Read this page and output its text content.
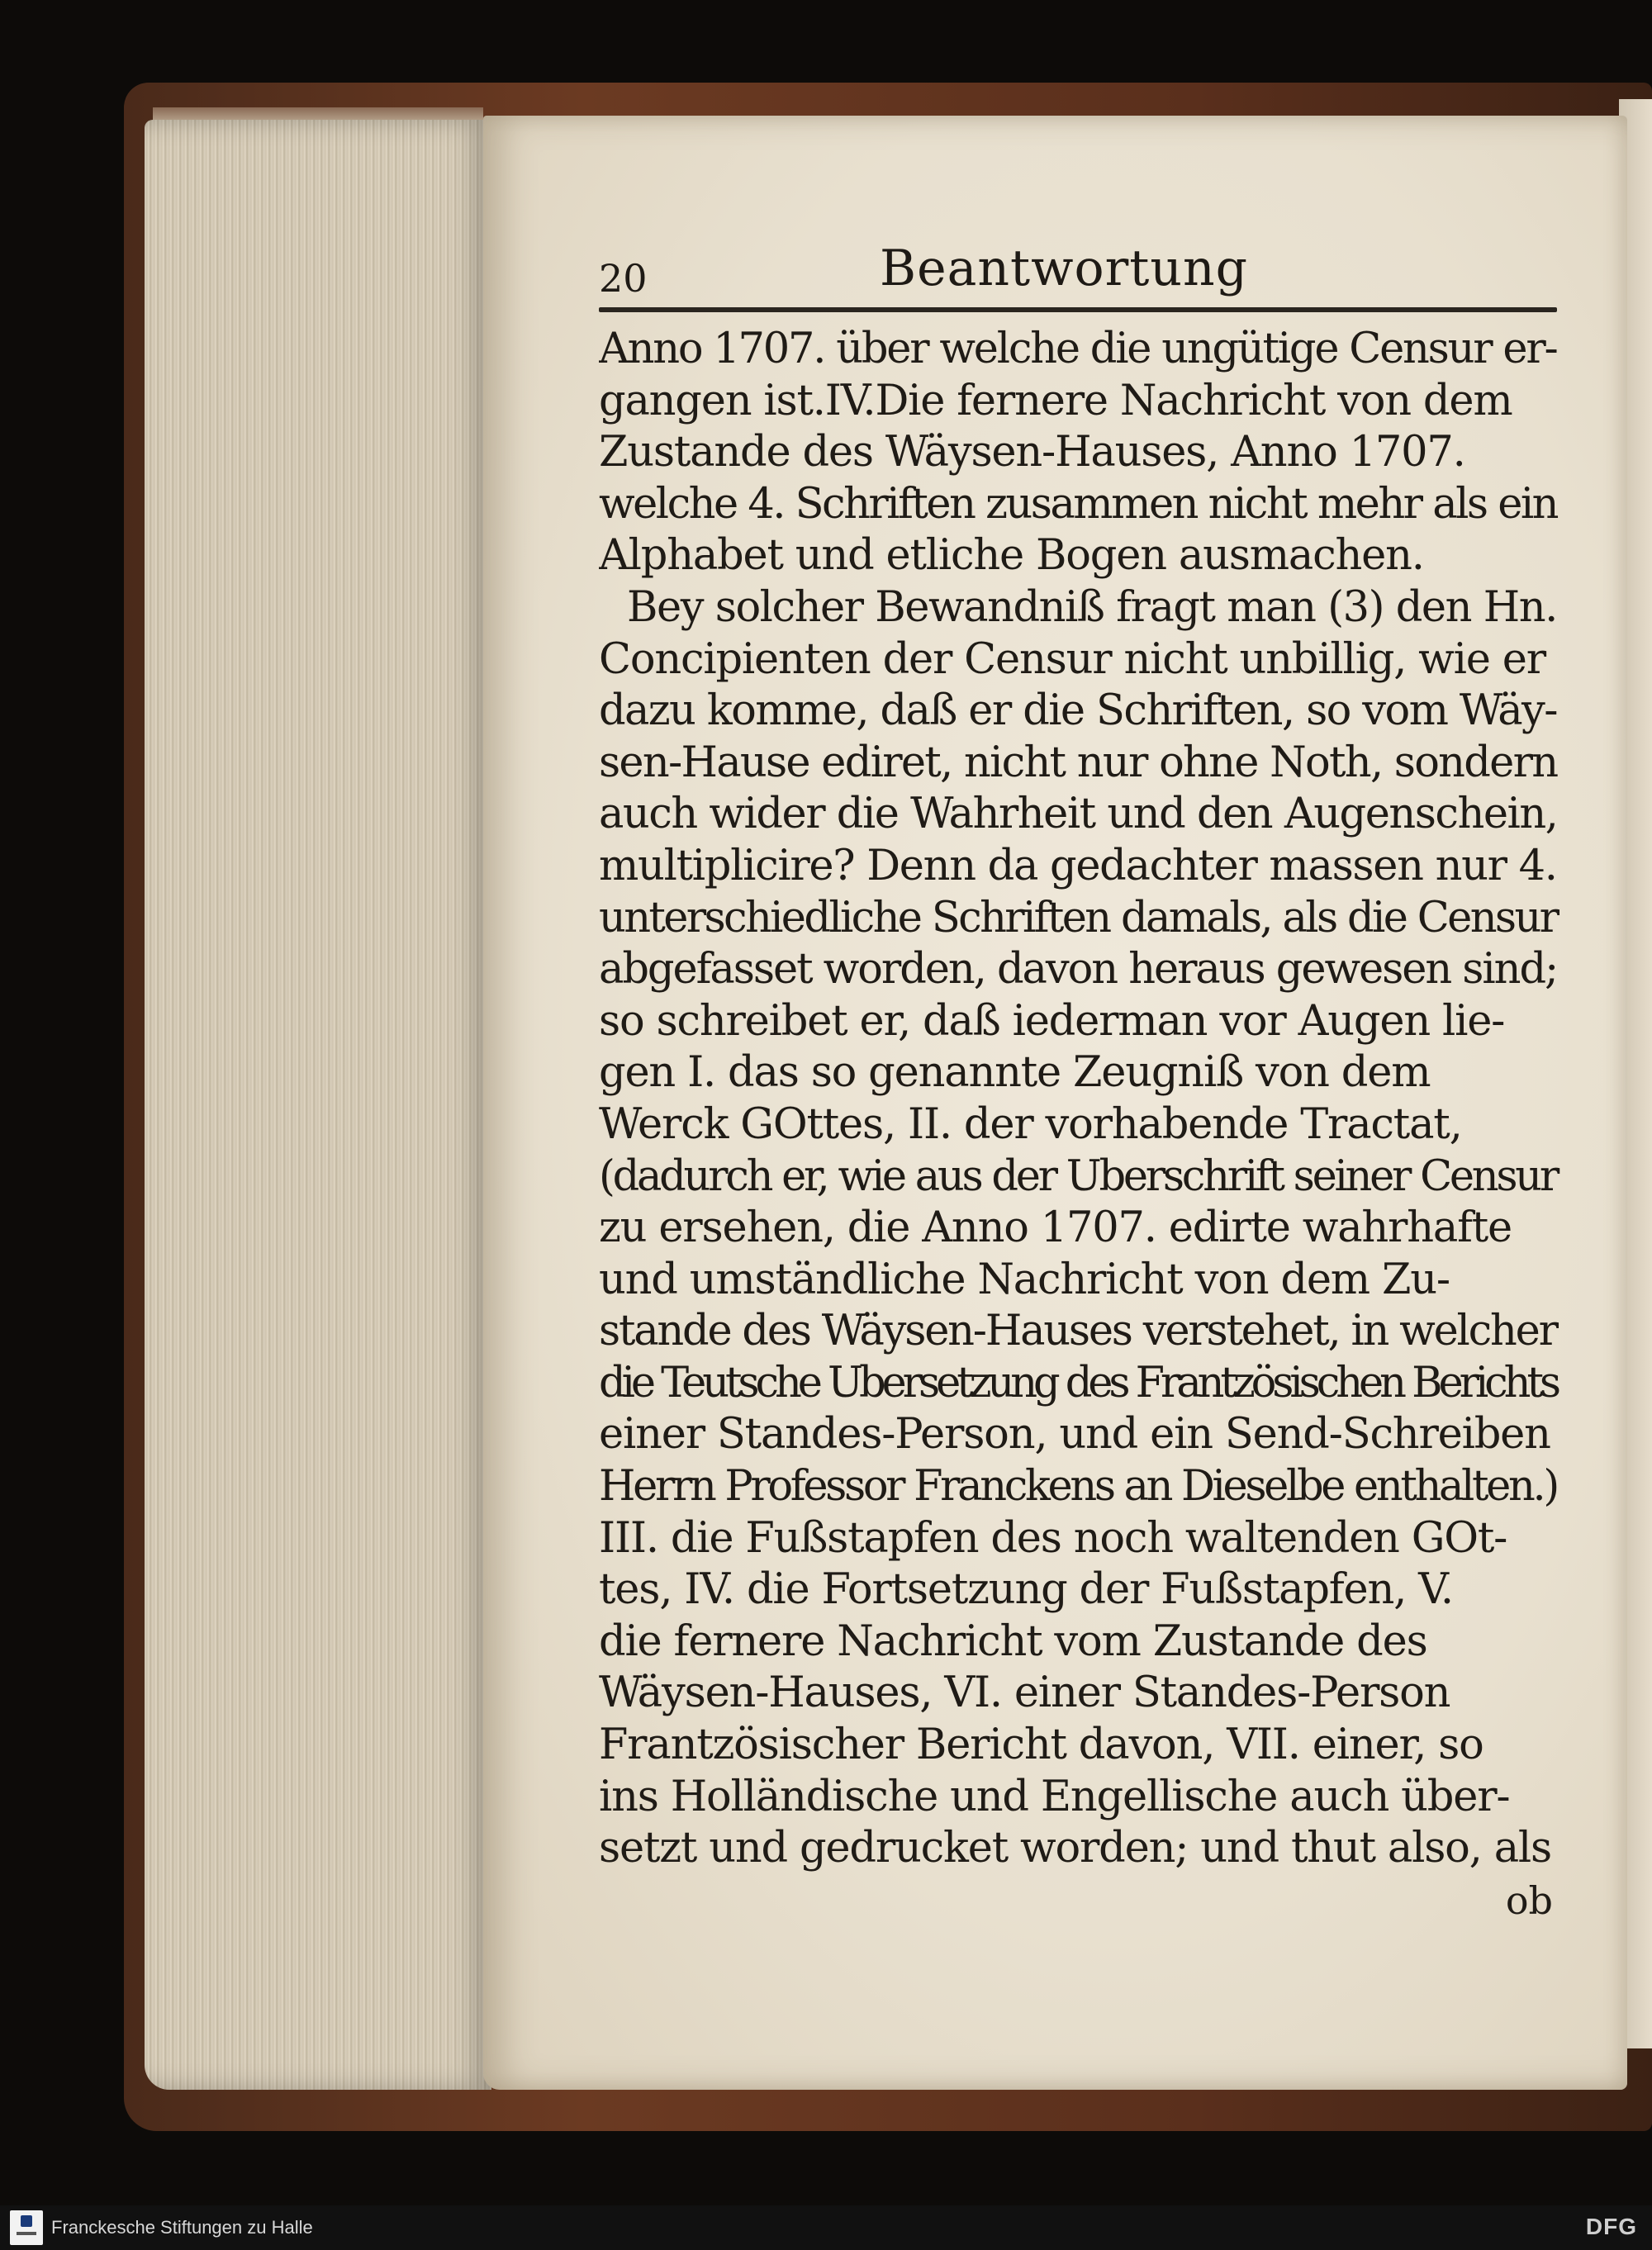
20	Beantwortung
Anno 1707. über welche die ungütige Censur er-
gangen ist.IV.Die fernere Nachricht von dem
Zustande des Wäysen-Hauses, Anno 1707.
welche 4. Schriften zusammen nicht mehr als ein
Alphabet und etliche Bogen ausmachen.
Bey solcher Bewandniß fragt man (3) den Hn.
Concipienten der Censur nicht unbillig, wie er
dazu komme, daß er die Schriften, so vom Wäy-
sen-Hause ediret, nicht nur ohne Noth, sondern
auch wider die Wahrheit und den Augenschein,
multiplicire? Denn da gedachter massen nur 4.
unterschiedliche Schriften damals, als die Censur
abgefasset worden, davon heraus gewesen sind;
so schreibet er, daß iederman vor Augen lie-
gen I. das so genannte Zeugniß von dem
Werck GOttes, II. der vorhabende Tractat,
(dadurch er, wie aus der Uberschrift seiner Censur
zu ersehen, die Anno 1707. edirte wahrhafte
und umständliche Nachricht von dem Zu-
stande des Wäysen-Hauses verstehet, in welcher
die Teutsche Ubersetzung des Frantzösischen Berichts
einer Standes-Person, und ein Send-Schreiben
Herrn Professor Franckens an Dieselbe enthalten.)
III. die Fußstapfen des noch waltenden GOt-
tes, IV. die Fortsetzung der Fußstapfen, V.
die fernere Nachricht vom Zustande des
Wäysen-Hauses, VI. einer Standes-Person
Frantzösischer Bericht davon, VII. einer, so
ins Holländische und Engellische auch über-
setzt und gedrucket worden; und thut also, als
ob
Franckesche Stiftungen zu Halle	DFG
